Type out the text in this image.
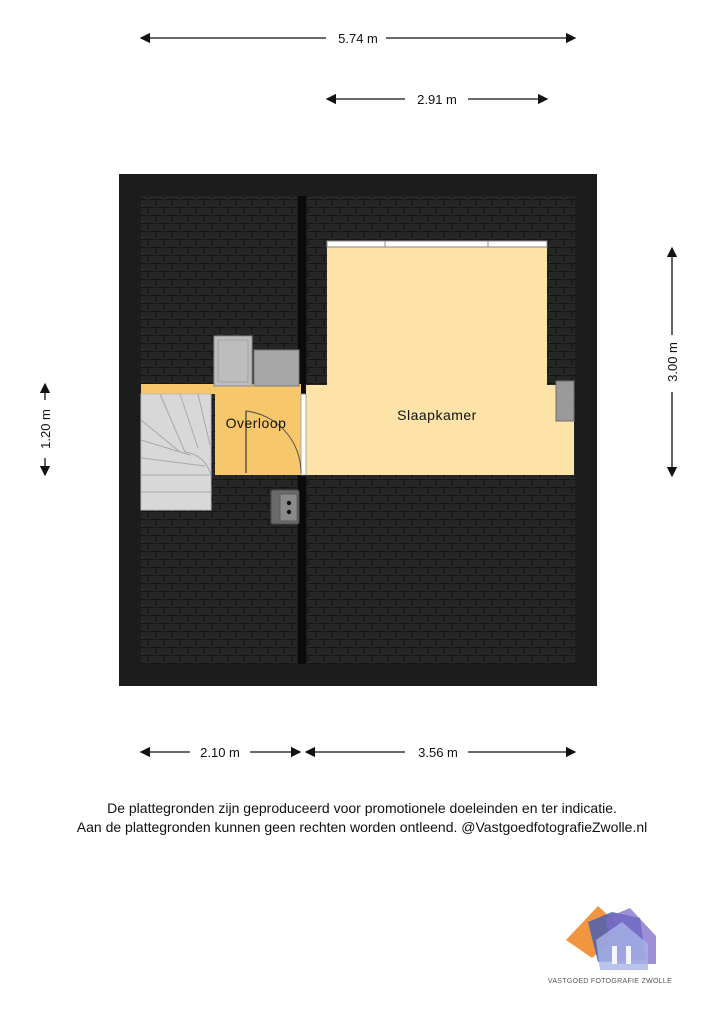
5.74 m
2.91 m
3.00 m
1.20 m	Slaapkamer
Overloop
2.10 m	3.56 m
VASTGOED FOTOGRAFIE ZWOLLE
De plattegronden zijn geproduceerd voor promotionele doeleinden en ter indicatie.
Aan de plattegronden kunnen geen rechten worden ontleend. @VastgoedfotografieZwolle.nl
